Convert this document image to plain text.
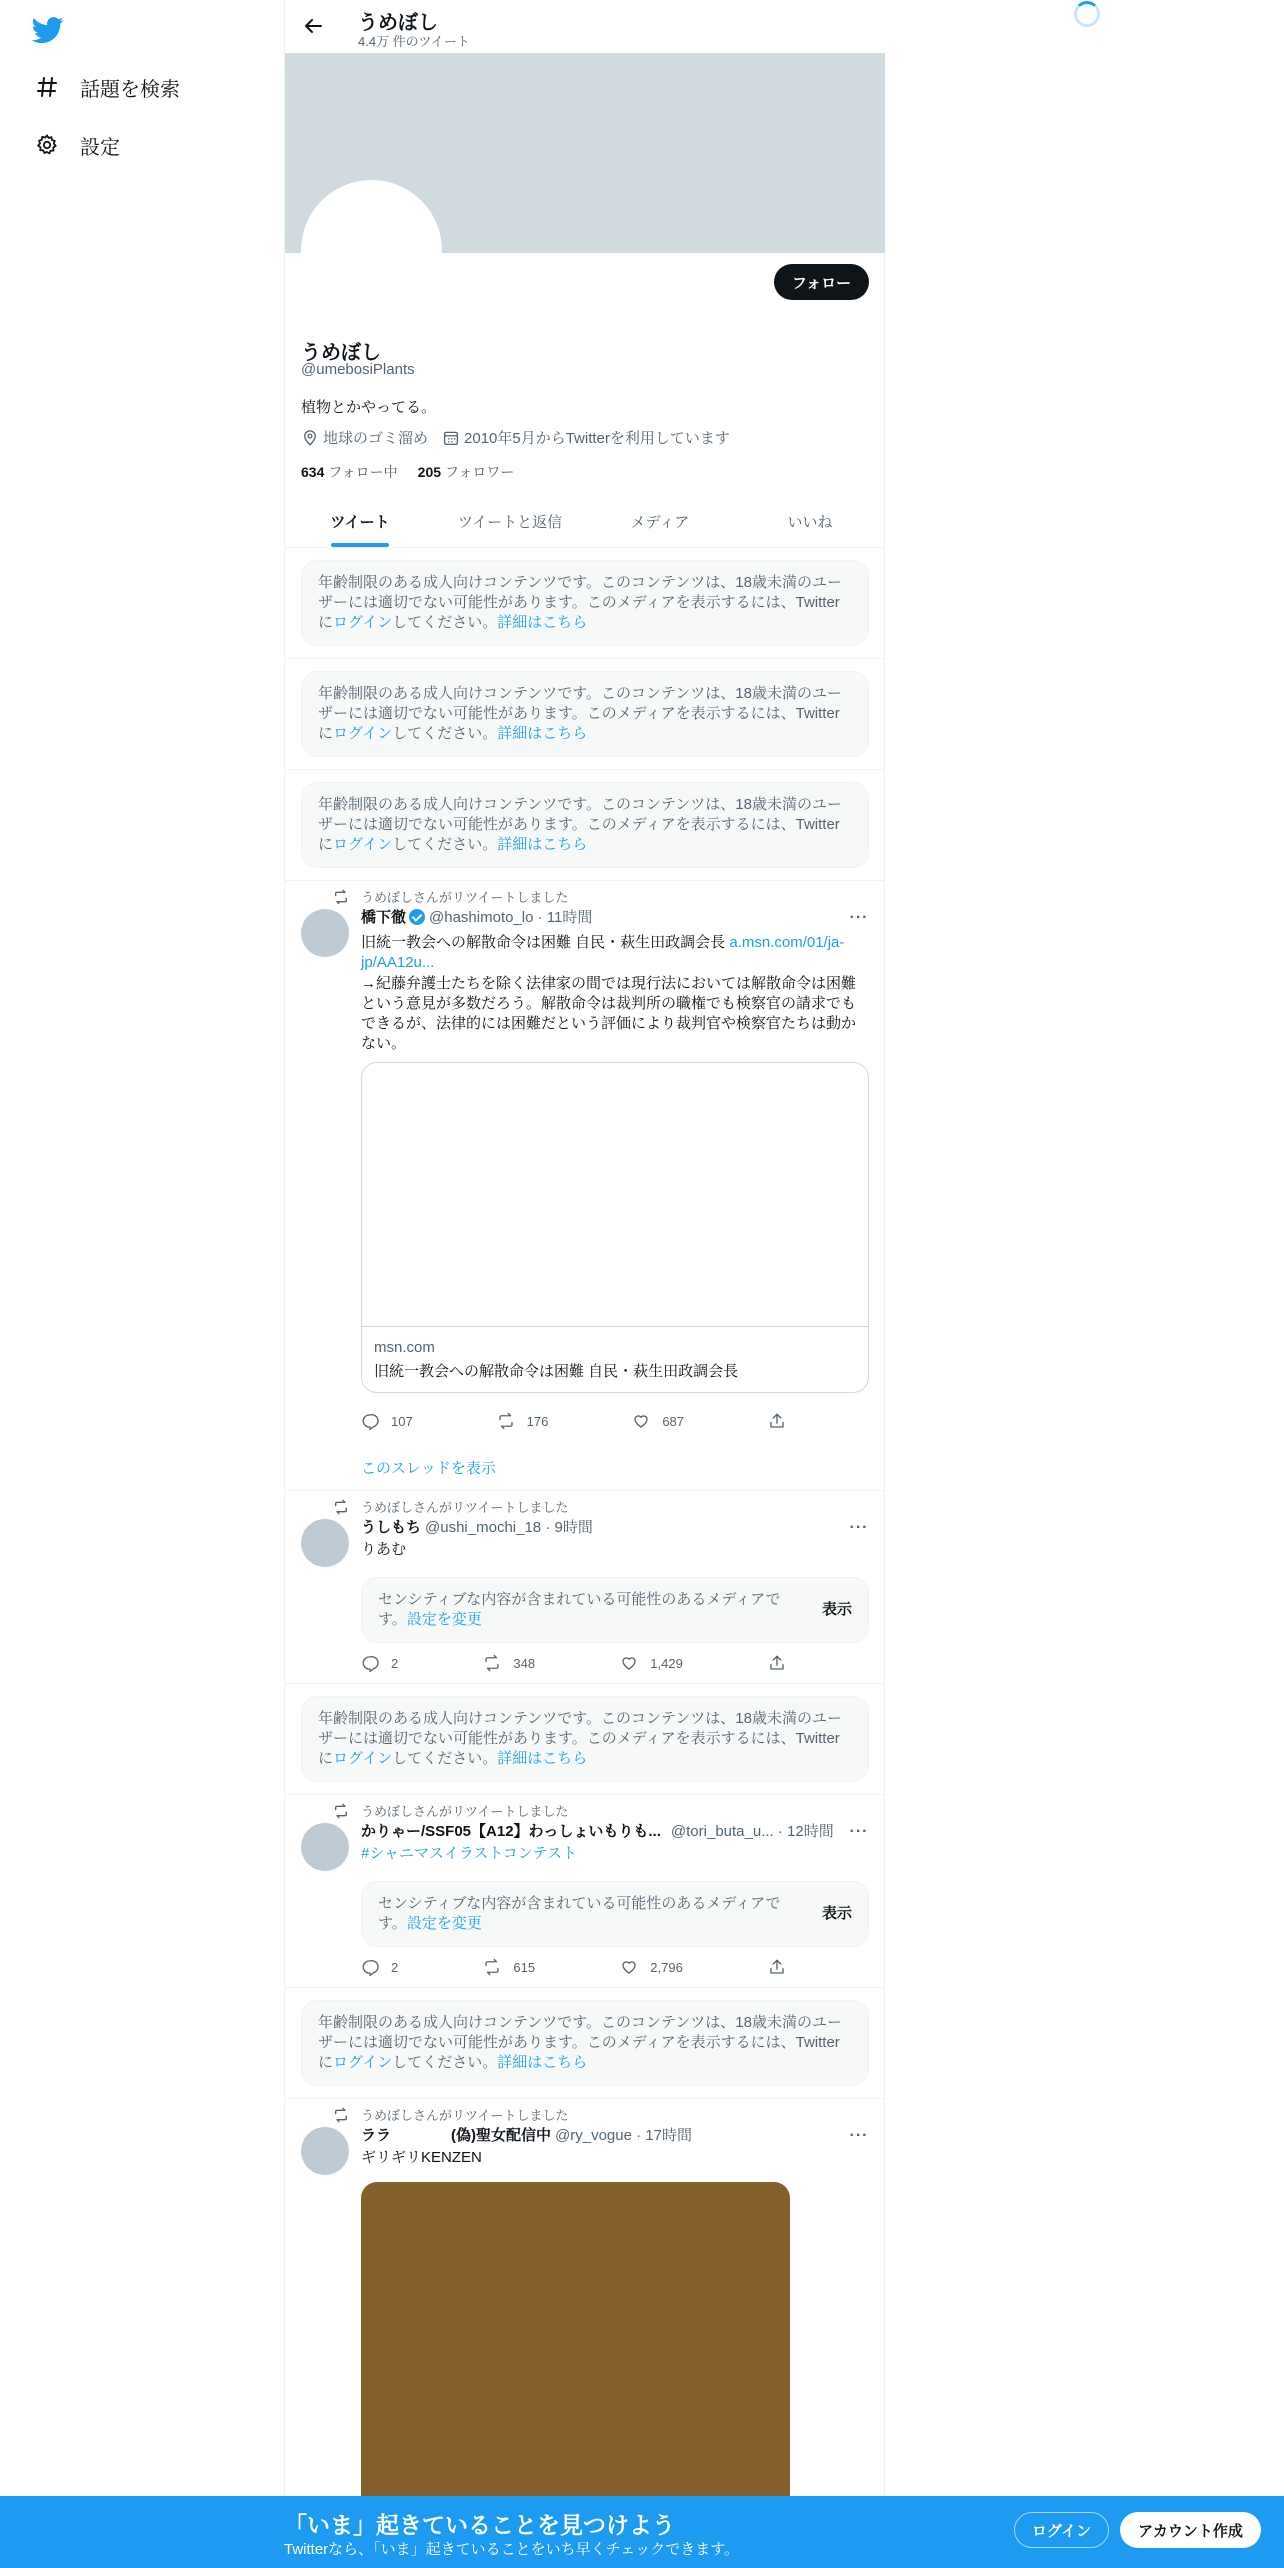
話題を検索
設定
うめぼし
4.4万 件のツイート
フォロー
うめぼし
@umebosiPlants
植物とかやってる。
地球のゴミ溜め 2010年5月からTwitterを利用しています
634 フォロー中 205 フォロワー
ツイート	ツイートと返信	メディア	いいね
年齢制限のある成人向けコンテンツです。このコンテンツは、18歳未満のユー
ザーには適切でない可能性があります。このメディアを表示するには、Twitter
にログインしてください。詳細はこちら
年齢制限のある成人向けコンテンツです。このコンテンツは、18歳未満のユー
ザーには適切でない可能性があります。このメディアを表示するには、Twitter
にログインしてください。詳細はこちら
年齢制限のある成人向けコンテンツです。このコンテンツは、18歳未満のユー
ザーには適切でない可能性があります。このメディアを表示するには、Twitter
にログインしてください。詳細はこちら
うめぼしさんがリツイートしました
橋下徹 @hashimoto_lo · 11時間	···
旧統一教会への解散命令は困難 自民・萩生田政調会長 a.msn.com/01/ja-
jp/AA12u...
→紀藤弁護士たちを除く法律家の間では現行法においては解散命令は困難という意見が多数だろう。解散命令は裁判所の職権でも検察官の請求でもできるが、法律的には困難だという評価により裁判官や検察官たちは動かない。
msn.com
旧統一教会への解散命令は困難 自民・萩生田政調会長
107	176	687
このスレッドを表示
うめぼしさんがリツイートしました
うしもち @ushi_mochi_18 · 9時間	···
りあむ
センシティブな内容が含まれている可能性のあるメディアで
す。設定を変更
表示
2	348	1,429
年齢制限のある成人向けコンテンツです。このコンテンツは、18歳未満のユー
ザーには適切でない可能性があります。このメディアを表示するには、Twitter
にログインしてください。詳細はこちら
うめぼしさんがリツイートしました
かりゃー/SSF05【A12】わっしょいもりも... @tori_buta_u... · 12時間 ···
#シャニマスイラストコンテスト
センシティブな内容が含まれている可能性のあるメディアで
す。設定を変更
表示
2	615	2,796
年齢制限のある成人向けコンテンツです。このコンテンツは、18歳未満のユー
ザーには適切でない可能性があります。このメディアを表示するには、Twitter
にログインしてください。詳細はこちら
うめぼしさんがリツイートしました
ララ　　　　(偽)聖女配信中 @ry_vogue · 17時間	···
ギリギリKENZEN
「いま」起きていることを見つけよう
Twitterなら、「いま」起きていることをいち早くチェックできます。
ログイン	アカウント作成
